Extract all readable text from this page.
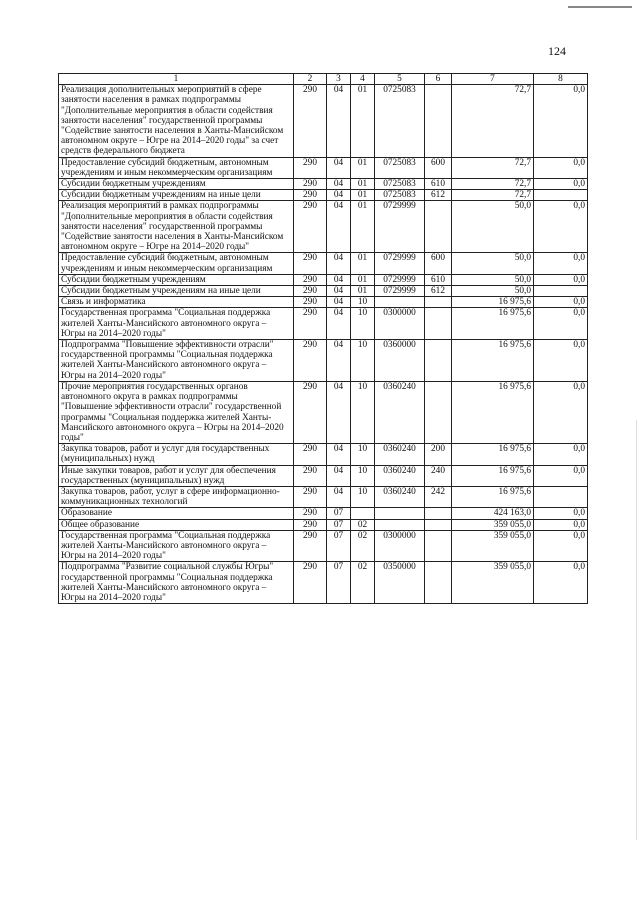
124
1	2	3	4	5	6	7	8
Реализация дополнительных мероприятий в сфере занятости населения в рамках подпрограммы "Дополнительные мероприятия в области содействия занятости населения" государственной программы "Содействие занятости населения в Ханты-Мансийском автономном округе – Югре на 2014–2020 годы" за счет средств федерального бюджета	290	04	01	0725083		72,7	0,0
Предоставление субсидий бюджетным, автономным учреждениям и иным некоммерческим организациям	290	04	01	0725083	600	72,7	0,0
Субсидии бюджетным учреждениям	290	04	01	0725083	610	72,7	0,0
Субсидии бюджетным учреждениям на иные цели	290	04	01	0725083	612	72,7	
Реализация мероприятий в рамках подпрограммы "Дополнительные мероприятия в области содействия занятости населения" государственной программы "Содействие занятости населения в Ханты-Мансийском автономном округе – Югре на 2014–2020 годы"	290	04	01	0729999		50,0	0,0
Предоставление субсидий бюджетным, автономным учреждениям и иным некоммерческим организациям	290	04	01	0729999	600	50,0	0,0
Субсидии бюджетным учреждениям	290	04	01	0729999	610	50,0	0,0
Субсидии бюджетным учреждениям на иные цели	290	04	01	0729999	612	50,0	
Связь и информатика	290	04	10			16 975,6	0,0
Государственная программа "Социальная поддержка жителей Ханты-Мансийского автономного округа – Югры на 2014–2020 годы"	290	04	10	0300000		16 975,6	0,0
Подпрограмма "Повышение эффективности отрасли" государственной программы "Социальная поддержка жителей Ханты-Мансийского автономного округа – Югры на 2014–2020 годы"	290	04	10	0360000		16 975,6	0,0
Прочие мероприятия государственных органов автономного округа в рамках подпрограммы "Повышение эффективности отрасли" государственной программы "Социальная поддержка жителей Ханты-Мансийского автономного округа – Югры на 2014–2020 годы"	290	04	10	0360240		16 975,6	0,0
Закупка товаров, работ и услуг для государственных (муниципальных) нужд	290	04	10	0360240	200	16 975,6	0,0
Иные закупки товаров, работ и услуг для обеспечения государственных (муниципальных) нужд	290	04	10	0360240	240	16 975,6	0,0
Закупка товаров, работ, услуг в сфере информационно-коммуникационных технологий	290	04	10	0360240	242	16 975,6	
Образование	290	07				424 163,0	0,0
Общее образование	290	07	02			359 055,0	0,0
Государственная программа "Социальная поддержка жителей Ханты-Мансийского автономного округа – Югры на 2014–2020 годы"	290	07	02	0300000		359 055,0	0,0
Подпрограмма "Развитие социальной службы Югры" государственной программы "Социальная поддержка жителей Ханты-Мансийского автономного округа – Югры на 2014–2020 годы"	290	07	02	0350000		359 055,0	0,0
